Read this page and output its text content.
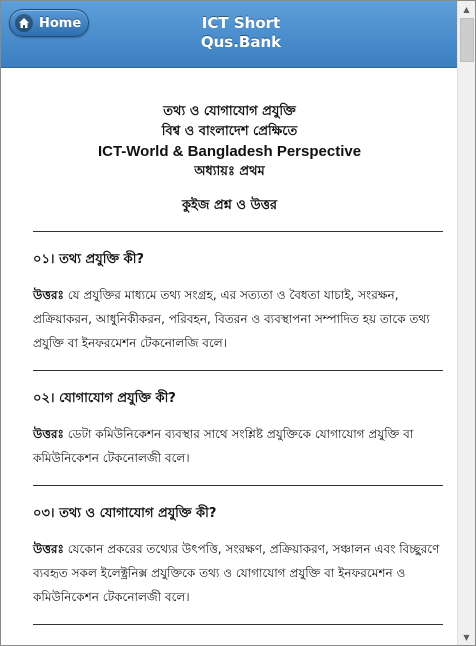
Home	ICT Short
Qus.Bank
তথ্য ও যোগাযোগ প্রযুক্তি
বিশ্ব ও বাংলাদেশ প্রেক্ষিতে
ICT-World & Bangladesh Perspective
অধ্যায়ঃ প্রথম
কুইজ প্রশ্ন ও উত্তর
০১। তথ্য প্রযুক্তি কী?
উত্তরঃ যে প্রযুক্তির মাধ্যমে তথ্য সংগ্রহ, এর সত্যতা ও বৈধতা যাচাই, সংরক্ষন, প্রক্রিয়াকরন, আধুনিকীকরন, পরিবহন, বিতরন ও ব্যবস্থাপনা সম্পাদিত হয় তাকে তথ্য প্রযুক্তি বা ইনফরমেশন টেকনোলজি বলে।
০২। যোগাযোগ প্রযুক্তি কী?
উত্তরঃ ডেটা কমিউনিকেশন ব্যবস্থার সাথে সংশ্লিষ্ট প্রযুক্তিকে যোগাযোগ প্রযুক্তি বা কমিউনিকেশন টেকনোলজী বলে।
০৩। তথ্য ও যোগাযোগ প্রযুক্তি কী?
উত্তরঃ যেকোন প্রকরের তথ্যের উৎপত্তি, সংরক্ষণ, প্রক্রিয়াকরণ, সঞ্চালন এবং বিচ্ছুরণে ব্যবহৃত সকল ইলেক্ট্রনিক্স প্রযুক্তিকে তথ্য ও যোগাযোগ প্রযুক্তি বা ইনফরমেশন ও কমিউনিকেশন টেকনোলজী বলে।
▲
▼
